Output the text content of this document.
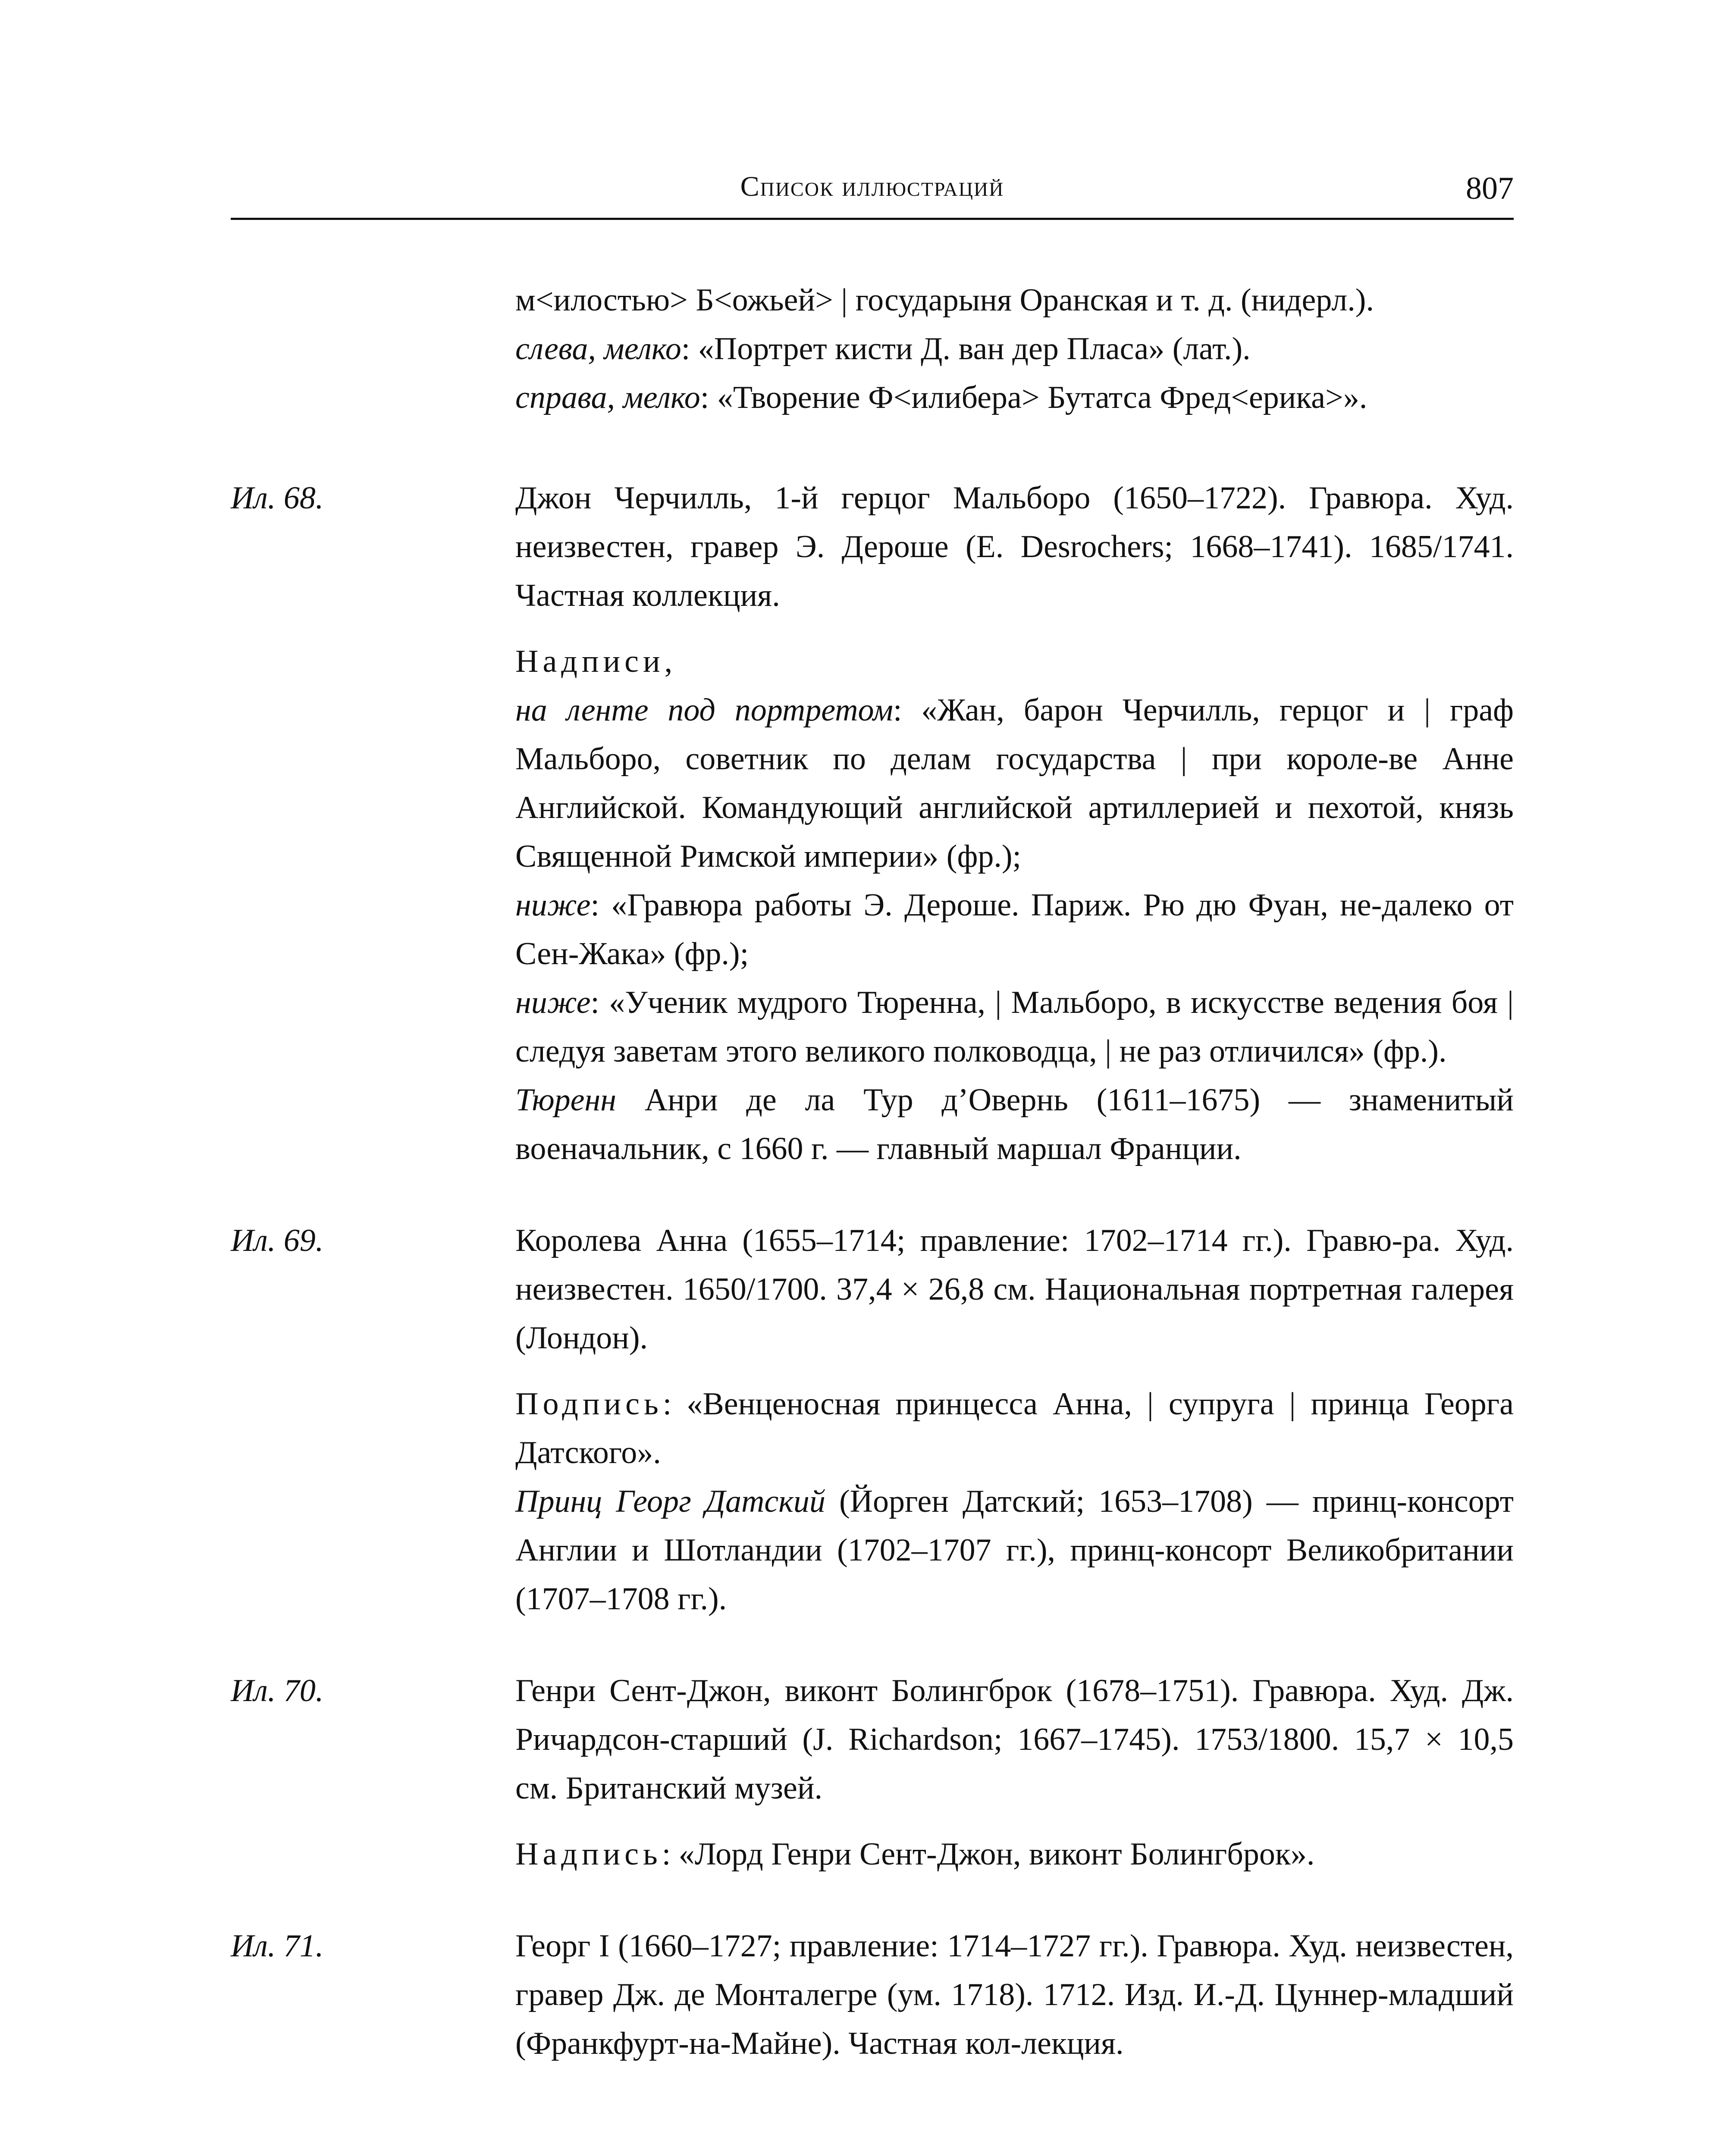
Список иллюстраций	807

м<илостью> Б<ожьей> | государыня Оранская и т. д. (нидерл.).

слева, мелко: «Портрет кисти Д. ван дер Пласа» (лат.).

справа, мелко: «Творение Ф<илибера> Бутатса Фред<ерика>».

Ил. 68.	Джон Черчилль, 1-й герцог Мальборо (1650–1722). Гравюра. Худ. неизвестен, гравер Э. Дероше (E. Desrochers; 1668–1741). 1685/1741. Частная коллекция.

Надписи,

на ленте под портретом: «Жан, барон Черчилль, герцог и | граф Мальборо, советник по делам государства | при короле-ве Анне Английской. Командующий английской артиллерией и пехотой, князь Священной Римской империи» (фр.);

ниже: «Гравюра работы Э. Дероше. Париж. Рю дю Фуан, не-далеко от Сен-Жака» (фр.);

ниже: «Ученик мудрого Тюренна, | Мальборо, в искусстве ведения боя | следуя заветам этого великого полководца, | не раз отличился» (фр.).

Тюренн Анри де ла Тур д’Овернь (1611–1675) — знаменитый военачальник, с 1660 г. — главный маршал Франции.

Ил. 69.	Королева Анна (1655–1714; правление: 1702–1714 гг.). Гравю-ра. Худ. неизвестен. 1650/1700. 37,4 × 26,8 см. Национальная портретная галерея (Лондон).

Подпись: «Венценосная принцесса Анна, | супруга | принца Георга Датского».

Принц Георг Датский (Йорген Датский; 1653–1708) — принц-консорт Англии и Шотландии (1702–1707 гг.), принц-консорт Великобритании (1707–1708 гг.).

Ил. 70.	Генри Сент-Джон, виконт Болингброк (1678–1751). Гравюра. Худ. Дж. Ричардсон-старший (J. Richardson; 1667–1745). 1753/1800. 15,7 × 10,5 см. Британский музей.

Надпись: «Лорд Генри Сент-Джон, виконт Болингброк».

Ил. 71.	Георг I (1660–1727; правление: 1714–1727 гг.). Гравюра. Худ. неизвестен, гравер Дж. де Монталегре (ум. 1718). 1712. Изд. И.-Д. Цуннер-младший (Франкфурт-на-Майне). Частная кол-лекция.
